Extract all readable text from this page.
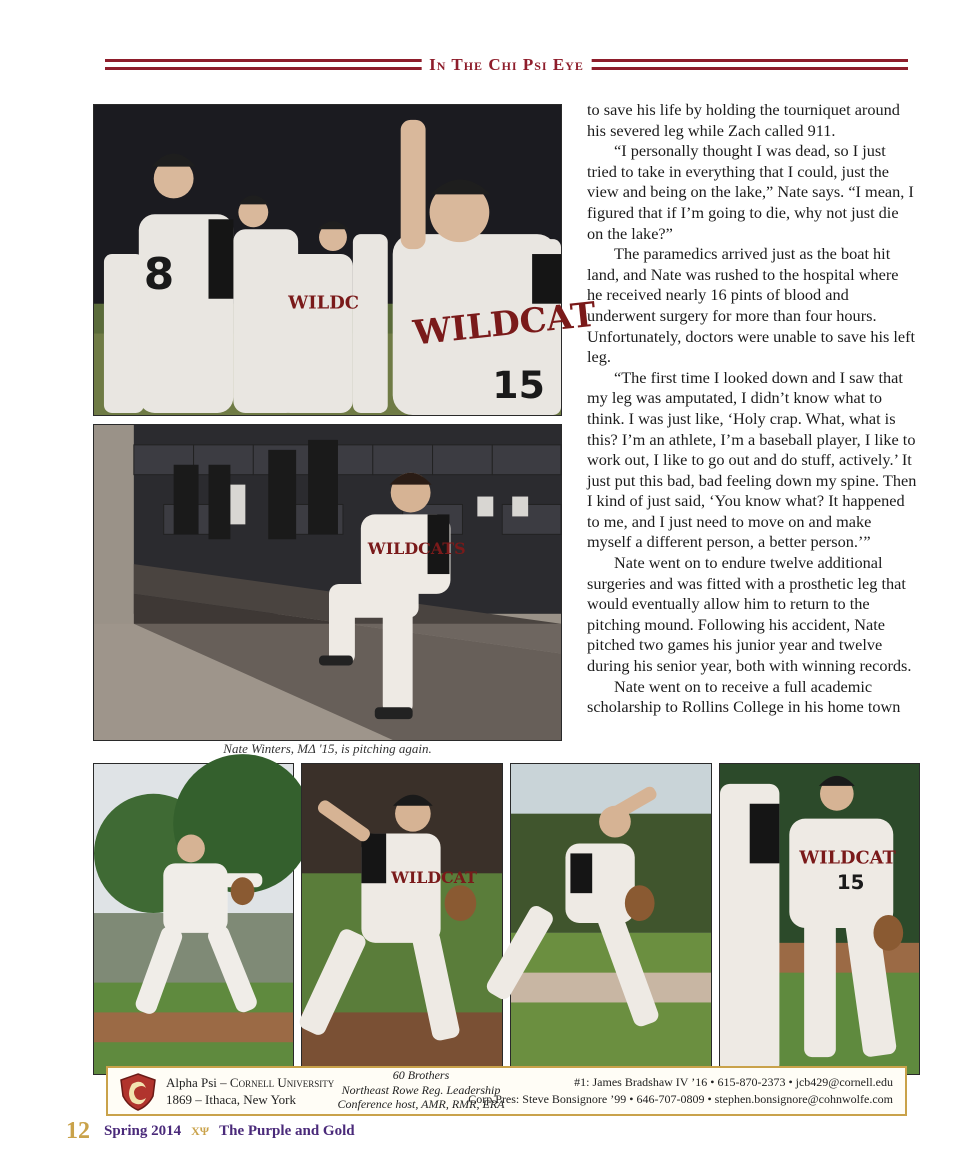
In The Chi Psi Eye
8
WILDCAT
15
WILDC
WILDCATS
Nate Winters, ΜΔ '15, is pitching again.

to save his life by holding the tourniquet around his severed leg while Zach called 911.

“I personally thought I was dead, so I just tried to take in everything that I could, just the view and being on the lake,” Nate says. “I mean, I figured that if I’m going to die, why not just die on the lake?”

The paramedics arrived just as the boat hit land, and Nate was rushed to the hospital where he received nearly 16 pints of blood and underwent surgery for more than four hours. Unfortunately, doctors were unable to save his left leg.

“The first time I looked down and I saw that my leg was amputated, I didn’t know what to think. I was just like, ‘Holy crap. What, what is this? I’m an athlete, I’m a baseball player, I like to work out, I like to go out and do stuff, actively.’ It just put this bad, bad feeling down my spine. Then I kind of just said, ‘You know what? It happened to me, and I just need to move on and make myself a different person, a better person.’”

Nate went on to endure twelve additional surgeries and was fitted with a prosthetic leg that would eventually allow him to return to the pitching mound. Following his accident, Nate pitched two games his junior year and twelve during his senior year, both with winning records.

Nate went on to receive a full academic scholarship to Rollins College in his home town

WILDCAT
WILDCAT
15
Alpha Psi – Cornell University
1869 – Ithaca, New York
60 Brothers
Northeast Rowe Reg. Leadership
Conference host, AMR, RMR, ERA
#1: James Bradshaw IV ’16 • 615-870-2373 • jcb429@cornell.edu
Corp.Pres: Steve Bonsignore ’99 • 646-707-0809 • stephen.bonsignore@cohnwolfe.com
12 Spring 2014 ΧΨ The Purple and Gold
